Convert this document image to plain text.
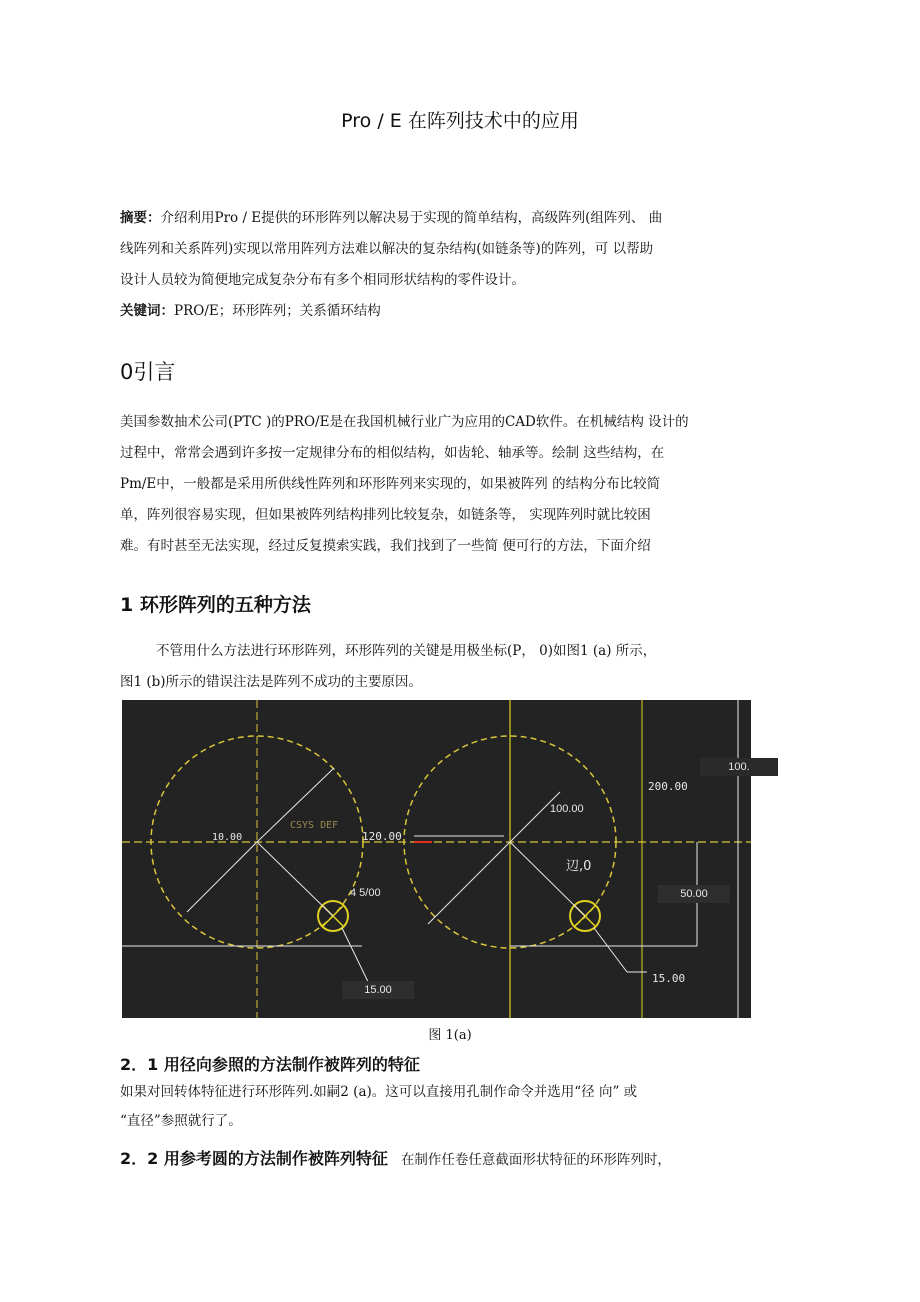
Pro / E 在阵列技术中的应用
摘要：介绍利用Pro / E提供的环形阵列以解决易于实现的简单结构，高级阵列(组阵列、 曲
线阵列和关系阵列)实现以常用阵列方法难以解决的复杂结构(如链条等)的阵列，可 以帮助
设计人员较为简便地完成复杂分布有多个相同形状结构的零件设计。
关键词：PRO/E；环形阵列；关系循环结构
0引言
美国参数抽术公司(PTC )的PRO/E是在我国机械行业广为应用的CAD软件。在机械结构 设计的
过程中，常常会遇到许多按一定规律分布的相似结构，如齿轮、轴承等。绘制 这些结构，在
Pm/E中，一般都是采用所供线性阵列和环形阵列来实现的，如果被阵列 的结构分布比较简
单，阵列很容易实现，但如果被阵列结构排列比较复杂，如链条等， 实现阵列时就比较困
难。有时甚至无法实现，经过反复摸索实践，我们找到了一些简 便可行的方法，下面介绍
1 环形阵列的五种方法
不管用什么方法进行环形阵列，环形阵列的关键是用极坐标(P， 0)如图1 (a) 所示，
图1 (b)所示的错误注法是阵列不成功的主要原因。
10.00
CSYS DEF
120.00
4 5/00
辺,0
200.00
100.00
15.00
15.00
50.00
100.
图 1(a)
2．1 用径向参照的方法制作被阵列的特征
如果对回转体特征进行环形阵列.如嗣2 (a)。这可以直接用孔制作命令并选用“径 向” 或
“直径”参照就行了。
2．2 用参考圆的方法制作被阵列特征 在制作任卷任意截面形状特征的环形阵列时，
